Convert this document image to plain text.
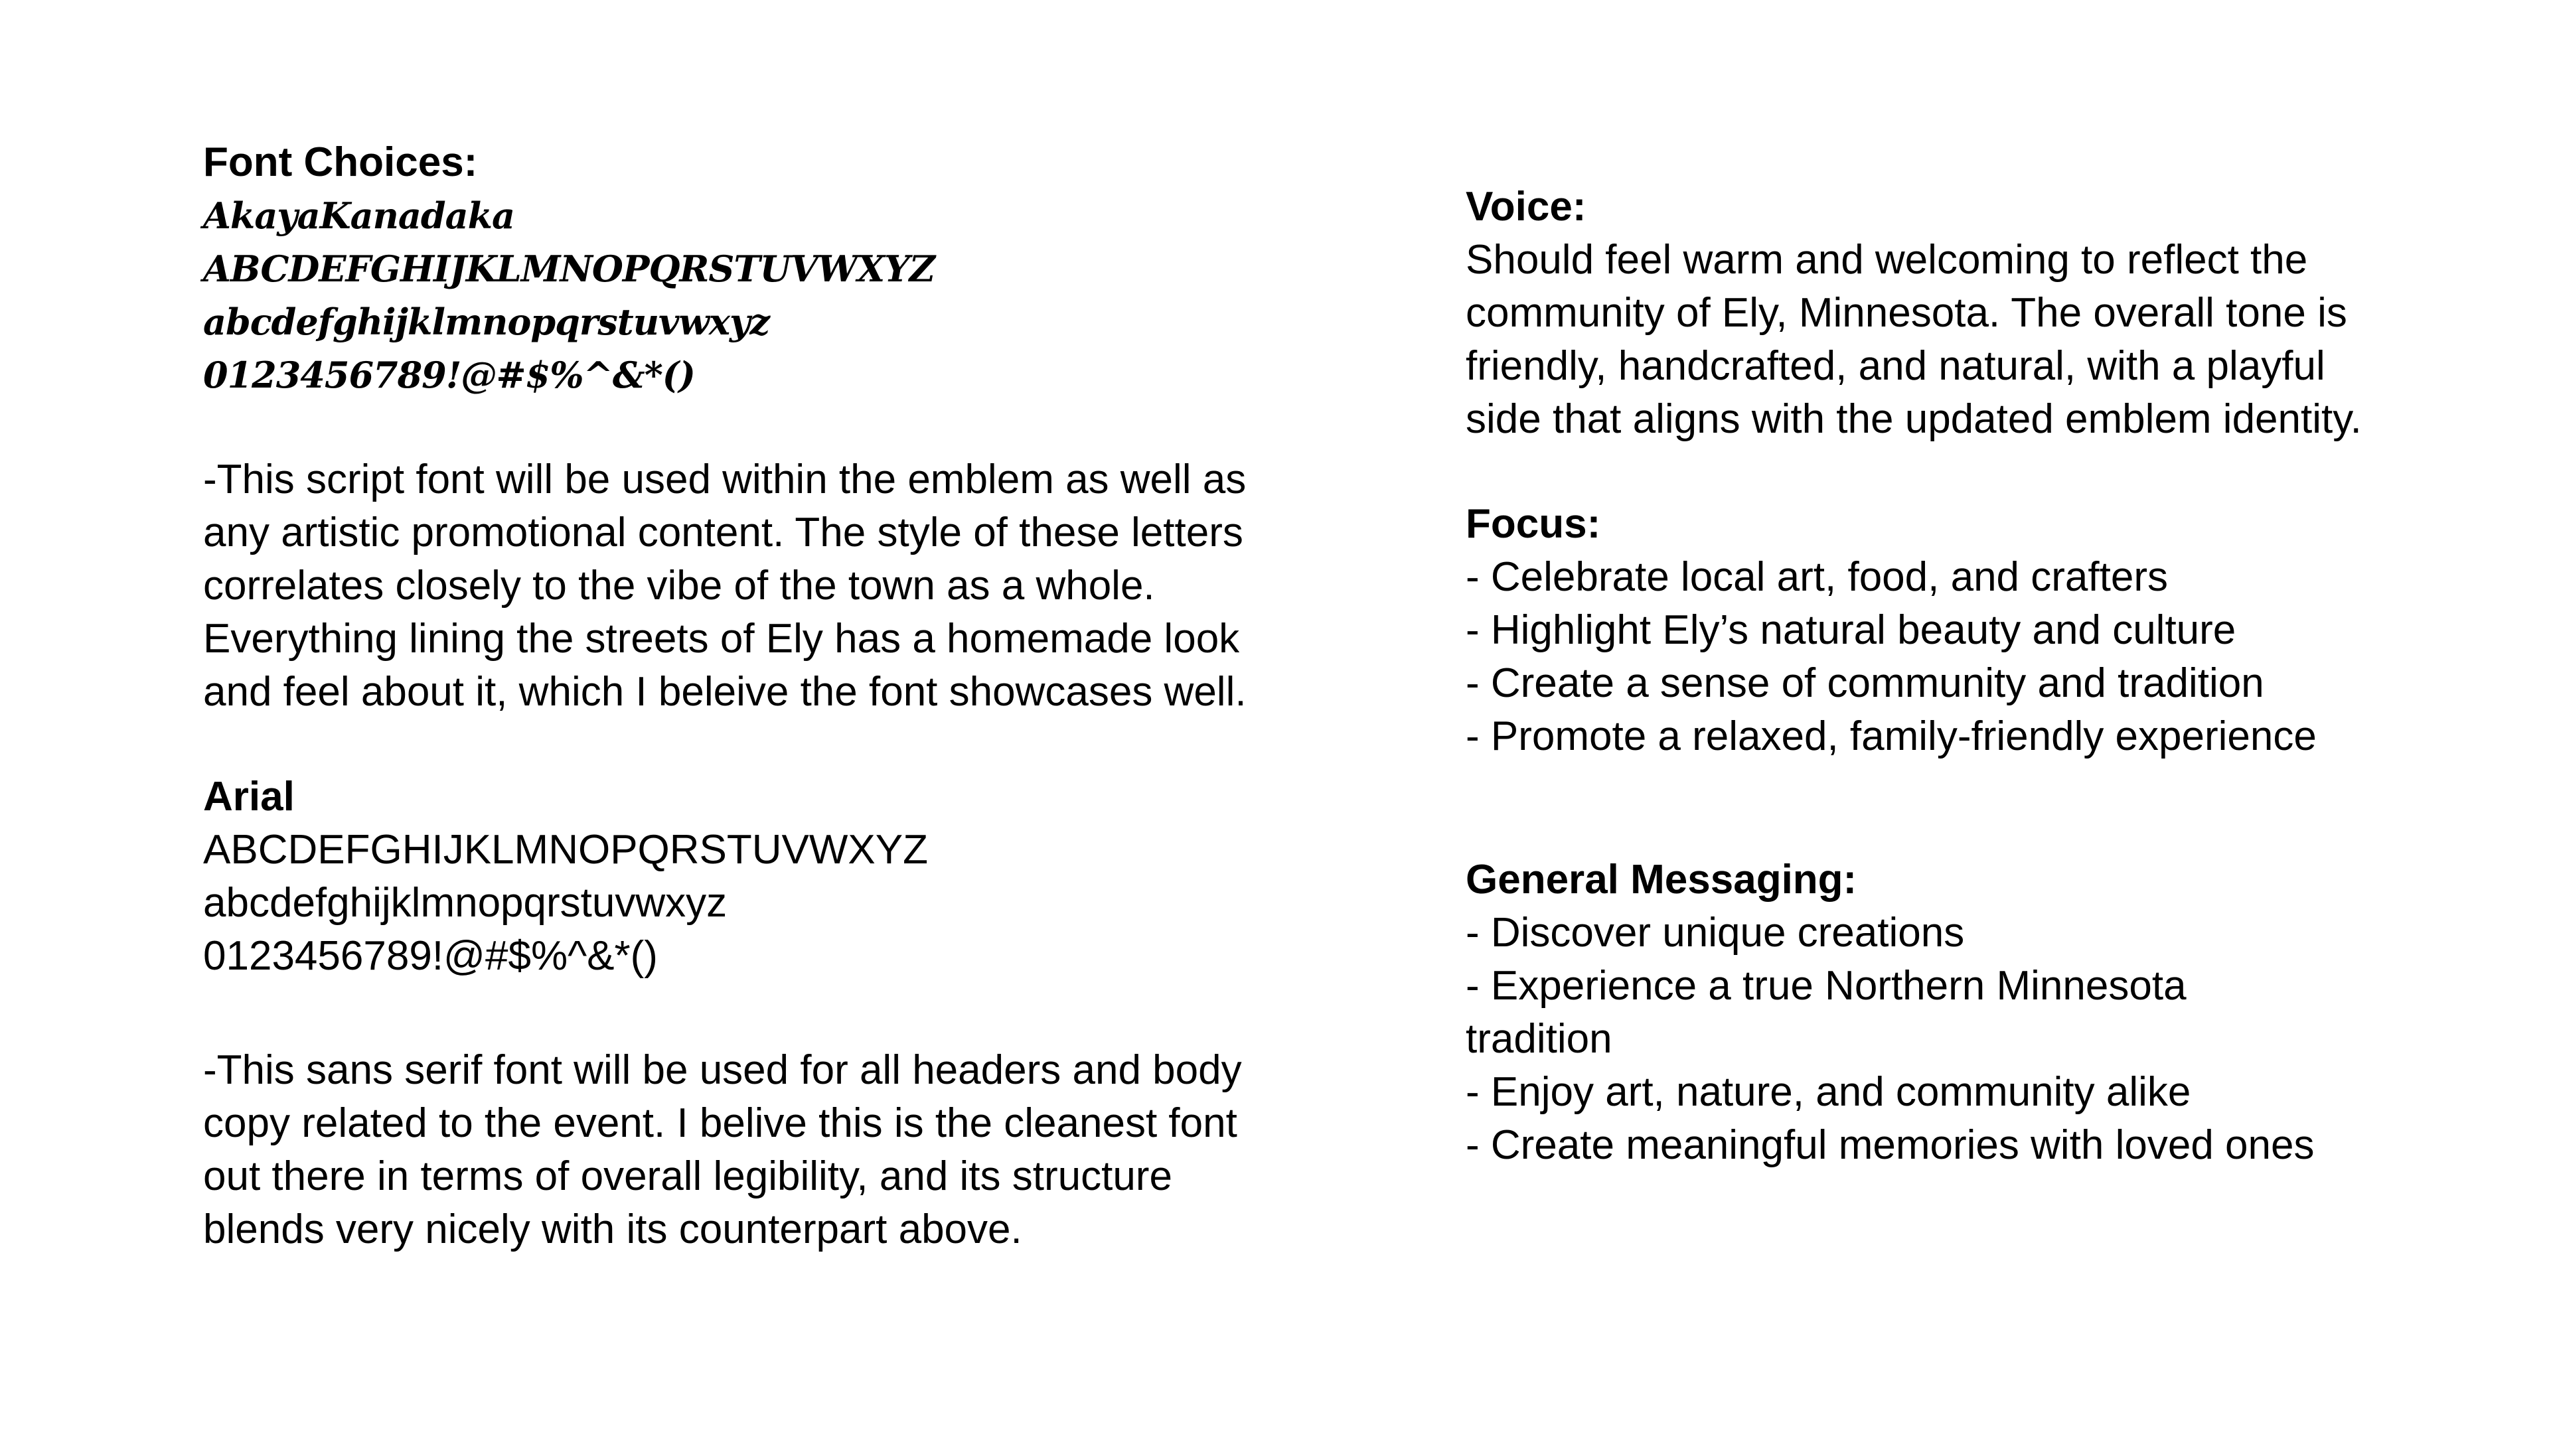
Font Choices:
AkayaKanadaka
ABCDEFGHIJKLMNOPQRSTUVWXYZ
abcdefghijklmnopqrstuvwxyz
0123456789!@#$%^&*()
-This script font will be used within the emblem as well as
any artistic promotional content. The style of these letters
correlates closely to the vibe of the town as a whole.
Everything lining the streets of Ely has a homemade look
and feel about it, which I beleive the font showcases well.
Arial
ABCDEFGHIJKLMNOPQRSTUVWXYZ
abcdefghijklmnopqrstuvwxyz
0123456789!@#$%^&*()
-This sans serif font will be used for all headers and body
copy related to the event. I belive this is the cleanest font
out there in terms of overall legibility, and its structure
blends very nicely with its counterpart above.
Voice:
Should feel warm and welcoming to reflect the
community of Ely, Minnesota. The overall tone is
friendly, handcrafted, and natural, with a playful
side that aligns with the updated emblem identity.
Focus:
- Celebrate local art, food, and crafters
- Highlight Ely’s natural beauty and culture
- Create a sense of community and tradition
- Promote a relaxed, family-friendly experience
General Messaging:
- Discover unique creations
- Experience a true Northern Minnesota
tradition
- Enjoy art, nature, and community alike
- Create meaningful memories with loved ones
